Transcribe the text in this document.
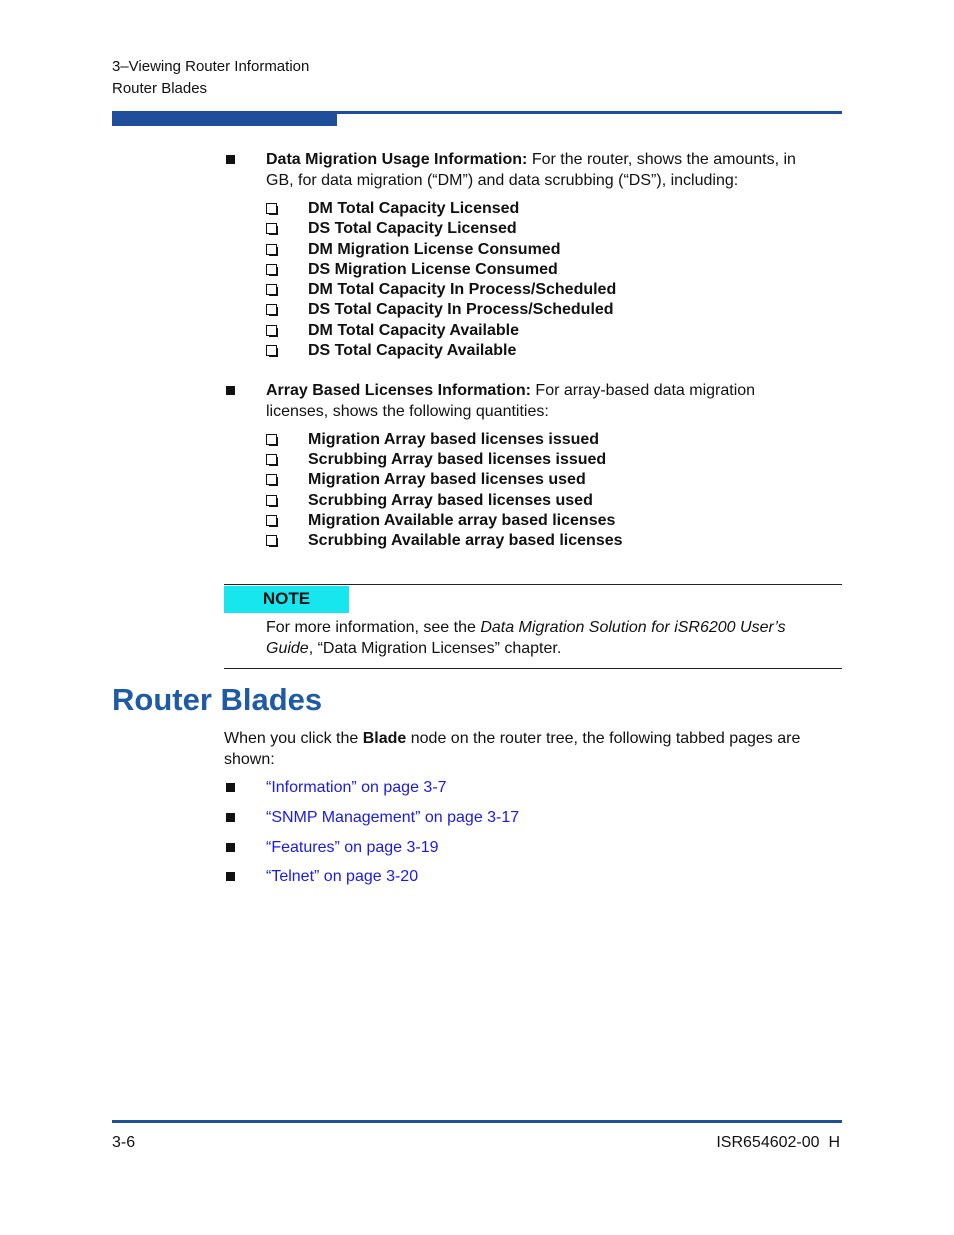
3–Viewing Router Information
Router Blades
Data Migration Usage Information: For the router, shows the amounts, in
GB, for data migration (“DM”) and data scrubbing (“DS”), including:
DM Total Capacity Licensed
DS Total Capacity Licensed
DM Migration License Consumed
DS Migration License Consumed
DM Total Capacity In Process/Scheduled
DS Total Capacity In Process/Scheduled
DM Total Capacity Available
DS Total Capacity Available
Array Based Licenses Information: For array-based data migration
licenses, shows the following quantities:
Migration Array based licenses issued
Scrubbing Array based licenses issued
Migration Array based licenses used
Scrubbing Array based licenses used
Migration Available array based licenses
Scrubbing Available array based licenses
NOTE
For more information, see the Data Migration Solution for iSR6200 User’s
Guide, “Data Migration Licenses” chapter.
Router Blades
When you click the Blade node on the router tree, the following tabbed pages are
shown:
“Information” on page 3-7
“SNMP Management” on page 3-17
“Features” on page 3-19
“Telnet” on page 3-20
3-6	ISR654602-00  H
